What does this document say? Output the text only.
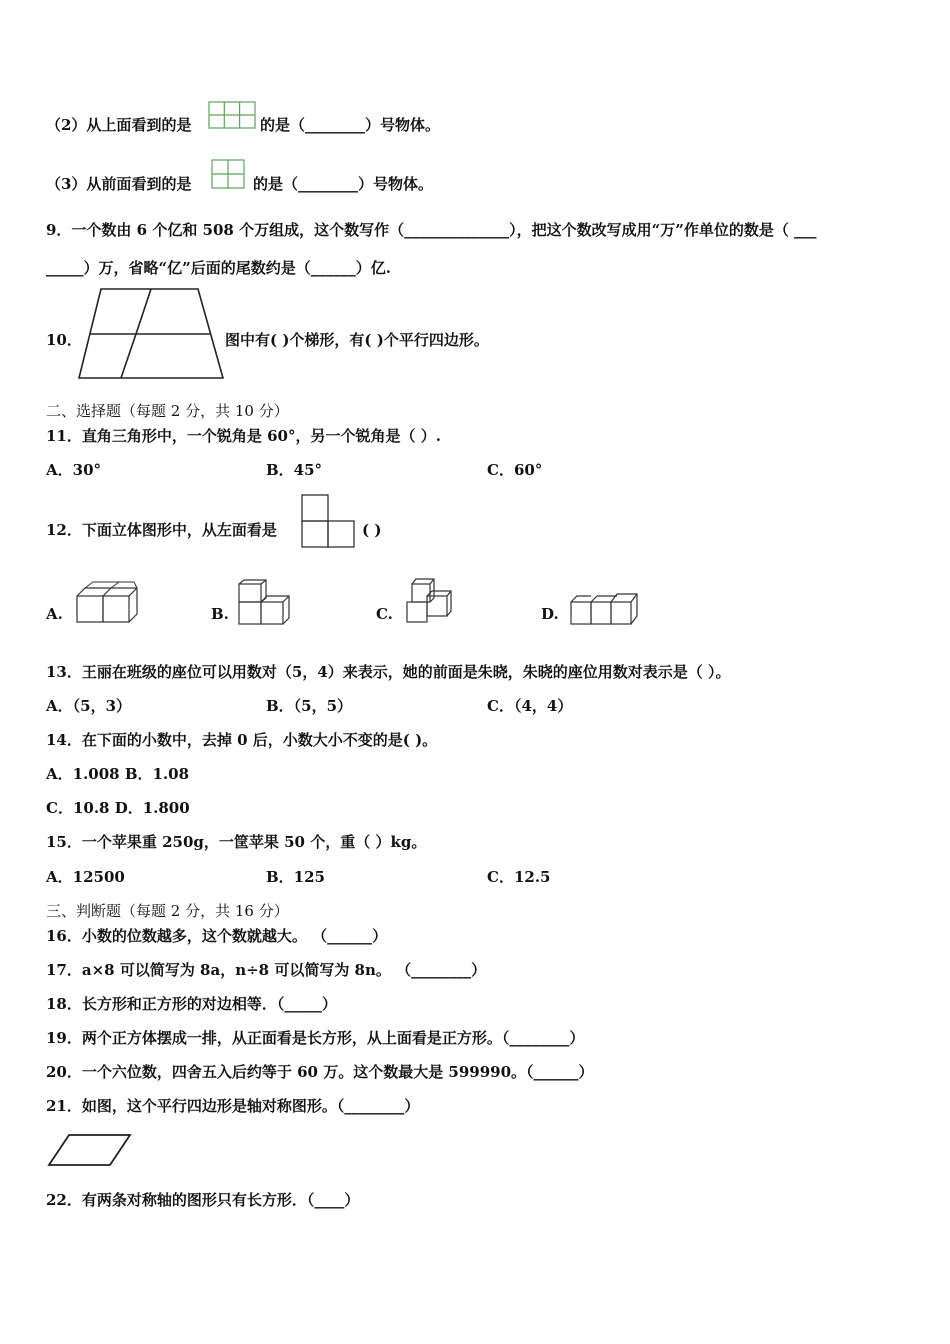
（2）从上面看到的是	的是（________）号物体。
（3）从前面看到的是	的是（________）号物体。
9．一个数由 6 个亿和 508 个万组成，这个数写作（______________），把这个数改写成用“万”作单位的数是（ ___
_____）万，省略“亿”后面的尾数约是（______）亿.
10．	图中有( )个梯形，有( )个平行四边形。
二、选择题（每题 2 分，共 10 分）
11．直角三角形中，一个锐角是 60°，另一个锐角是（ ）.
A．30°	B．45°	C．60°
12．下面立体图形中，从左面看是	( )
A.	B.	C.	D.
13．王丽在班级的座位可以用数对（5，4）来表示，她的前面是朱晓，朱晓的座位用数对表示是（ ）。
A．（5，3）	B．（5，5）	C．（4，4）
14．在下面的小数中，去掉 0 后，小数大小不变的是( )。
A．1.008 B．1.08
C．10.8 D．1.800
15．一个苹果重 250g，一筐苹果 50 个，重（ ）kg。
A．12500	B．125	C．12.5
三、判断题（每题 2 分，共 16 分）
16．小数的位数越多，这个数就越大。 （______）
17．a×8 可以简写为 8a，n÷8 可以简写为 8n。 （________）
18．长方形和正方形的对边相等．（_____）
19．两个正方体摆成一排，从正面看是长方形，从上面看是正方形。（________）
20．一个六位数，四舍五入后约等于 60 万。这个数最大是 599990。（______）
21．如图，这个平行四边形是轴对称图形。（________）
22．有两条对称轴的图形只有长方形．（____）
